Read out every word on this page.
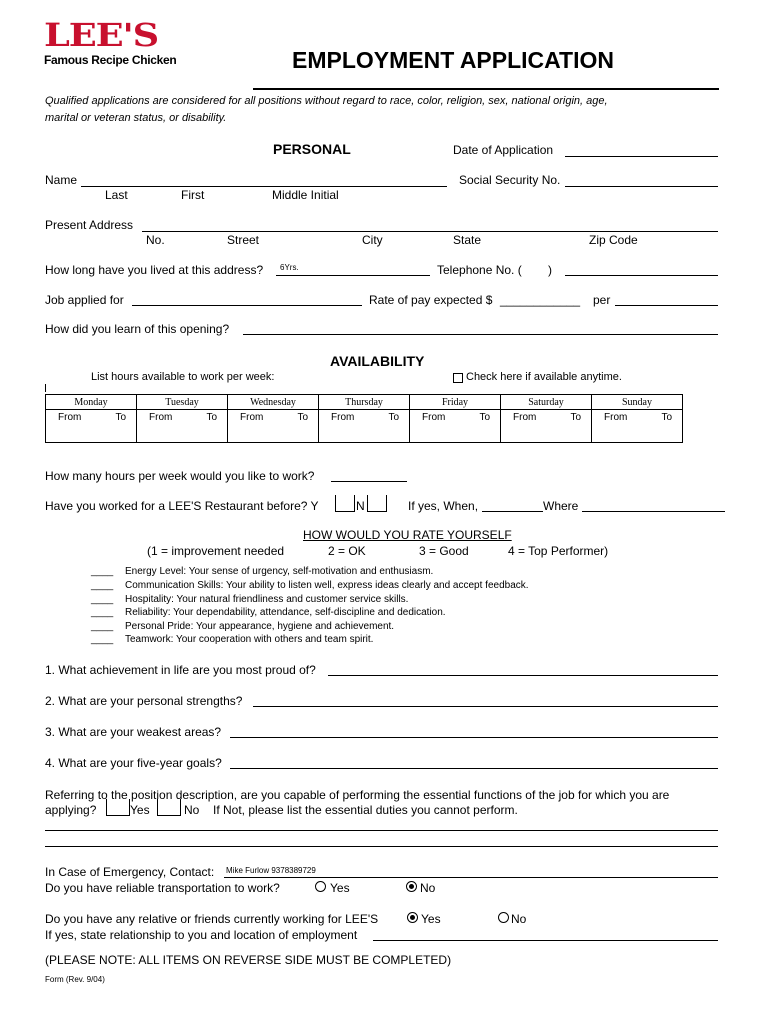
LEE'S
Famous Recipe Chicken	EMPLOYMENT APPLICATION
Qualified applications are considered for all positions without regard to race, color, religion, sex, national origin, age,
marital or veteran status, or disability.
PERSONAL	Date of Application
Name	Social Security No.
Last	First	Middle Initial
Present Address
No.	Street	City	State	Zip Code
How long have you lived at this address? 6Yrs.	Telephone No. ( )
Job applied for	Rate of pay expected $ ____________ per
How did you learn of this opening?
AVAILABILITY
List hours available to work per week:	Check here if available anytime.
Monday	Tuesday	Wednesday	Thursday	Friday	Saturday	Sunday

From To	From To	From To	From To	From To	From To	From To
How many hours per week would you like to work?
Have you worked for a LEE'S Restaurant before? Y	N	If yes, When,	Where
HOW WOULD YOU RATE YOURSELF
(1 = improvement needed	2 = OK	3 = Good	4 = Top Performer)
____ Energy Level: Your sense of urgency, self-motivation and enthusiasm.
____ Communication Skills: Your ability to listen well, express ideas clearly and accept feedback.
____ Hospitality: Your natural friendliness and customer service skills.
____ Reliability: Your dependability, attendance, self-discipline and dedication.
____ Personal Pride: Your appearance, hygiene and achievement.
____ Teamwork: Your cooperation with others and team spirit.
1. What achievement in life are you most proud of?
2. What are your personal strengths?
3. What are your weakest areas?
4. What are your five-year goals?
Referring to the position description, are you capable of performing the essential functions of the job for which you are
applying?	Yes	No If Not, please list the essential duties you cannot perform.
In Case of Emergency, Contact: Mike Furlow 9378389729
Do you have reliable transportation to work?	Yes	No
Do you have any relative or friends currently working for LEE'S	Yes	No
If yes, state relationship to you and location of employment
(PLEASE NOTE: ALL ITEMS ON REVERSE SIDE MUST BE COMPLETED)
Form (Rev. 9/04)
